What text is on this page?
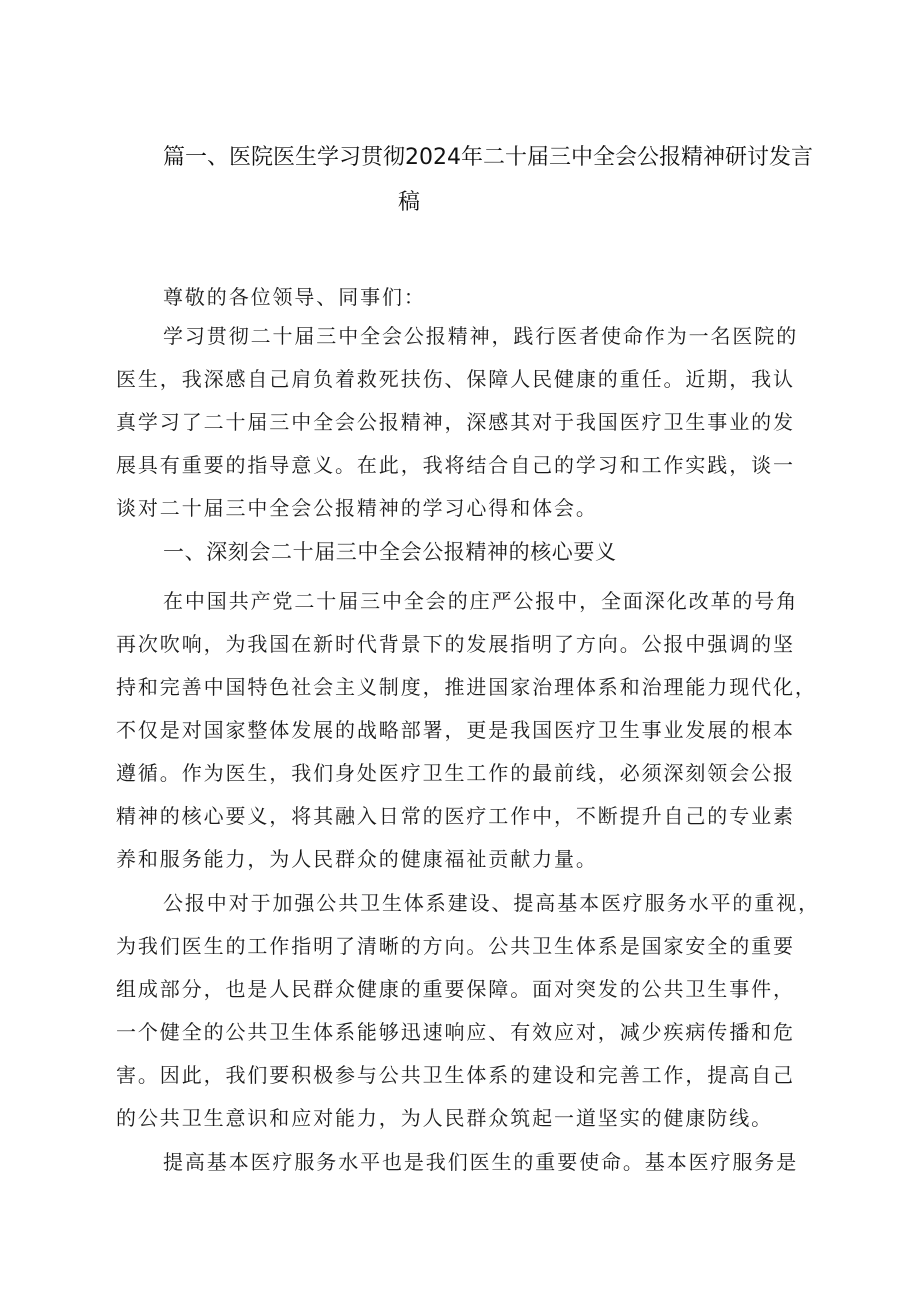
篇一、医院医生学习贯彻2024年二十届三中全会公报精神研讨发言
稿
尊敬的各位领导、同事们：
学习贯彻二十届三中全会公报精神，践行医者使命作为一名医院的
医生，我深感自己肩负着救死扶伤、保障人民健康的重任。近期，我认
真学习了二十届三中全会公报精神，深感其对于我国医疗卫生事业的发
展具有重要的指导意义。在此，我将结合自己的学习和工作实践，谈一
谈对二十届三中全会公报精神的学习心得和体会。
一、深刻会二十届三中全会公报精神的核心要义
在中国共产党二十届三中全会的庄严公报中，全面深化改革的号角
再次吹响，为我国在新时代背景下的发展指明了方向。公报中强调的坚
持和完善中国特色社会主义制度，推进国家治理体系和治理能力现代化，
不仅是对国家整体发展的战略部署，更是我国医疗卫生事业发展的根本
遵循。作为医生，我们身处医疗卫生工作的最前线，必须深刻领会公报
精神的核心要义，将其融入日常的医疗工作中，不断提升自己的专业素
养和服务能力，为人民群众的健康福祉贡献力量。
公报中对于加强公共卫生体系建设、提高基本医疗服务水平的重视，
为我们医生的工作指明了清晰的方向。公共卫生体系是国家安全的重要
组成部分，也是人民群众健康的重要保障。面对突发的公共卫生事件，
一个健全的公共卫生体系能够迅速响应、有效应对，减少疾病传播和危
害。因此，我们要积极参与公共卫生体系的建设和完善工作，提高自己
的公共卫生意识和应对能力，为人民群众筑起一道坚实的健康防线。
提高基本医疗服务水平也是我们医生的重要使命。基本医疗服务是
